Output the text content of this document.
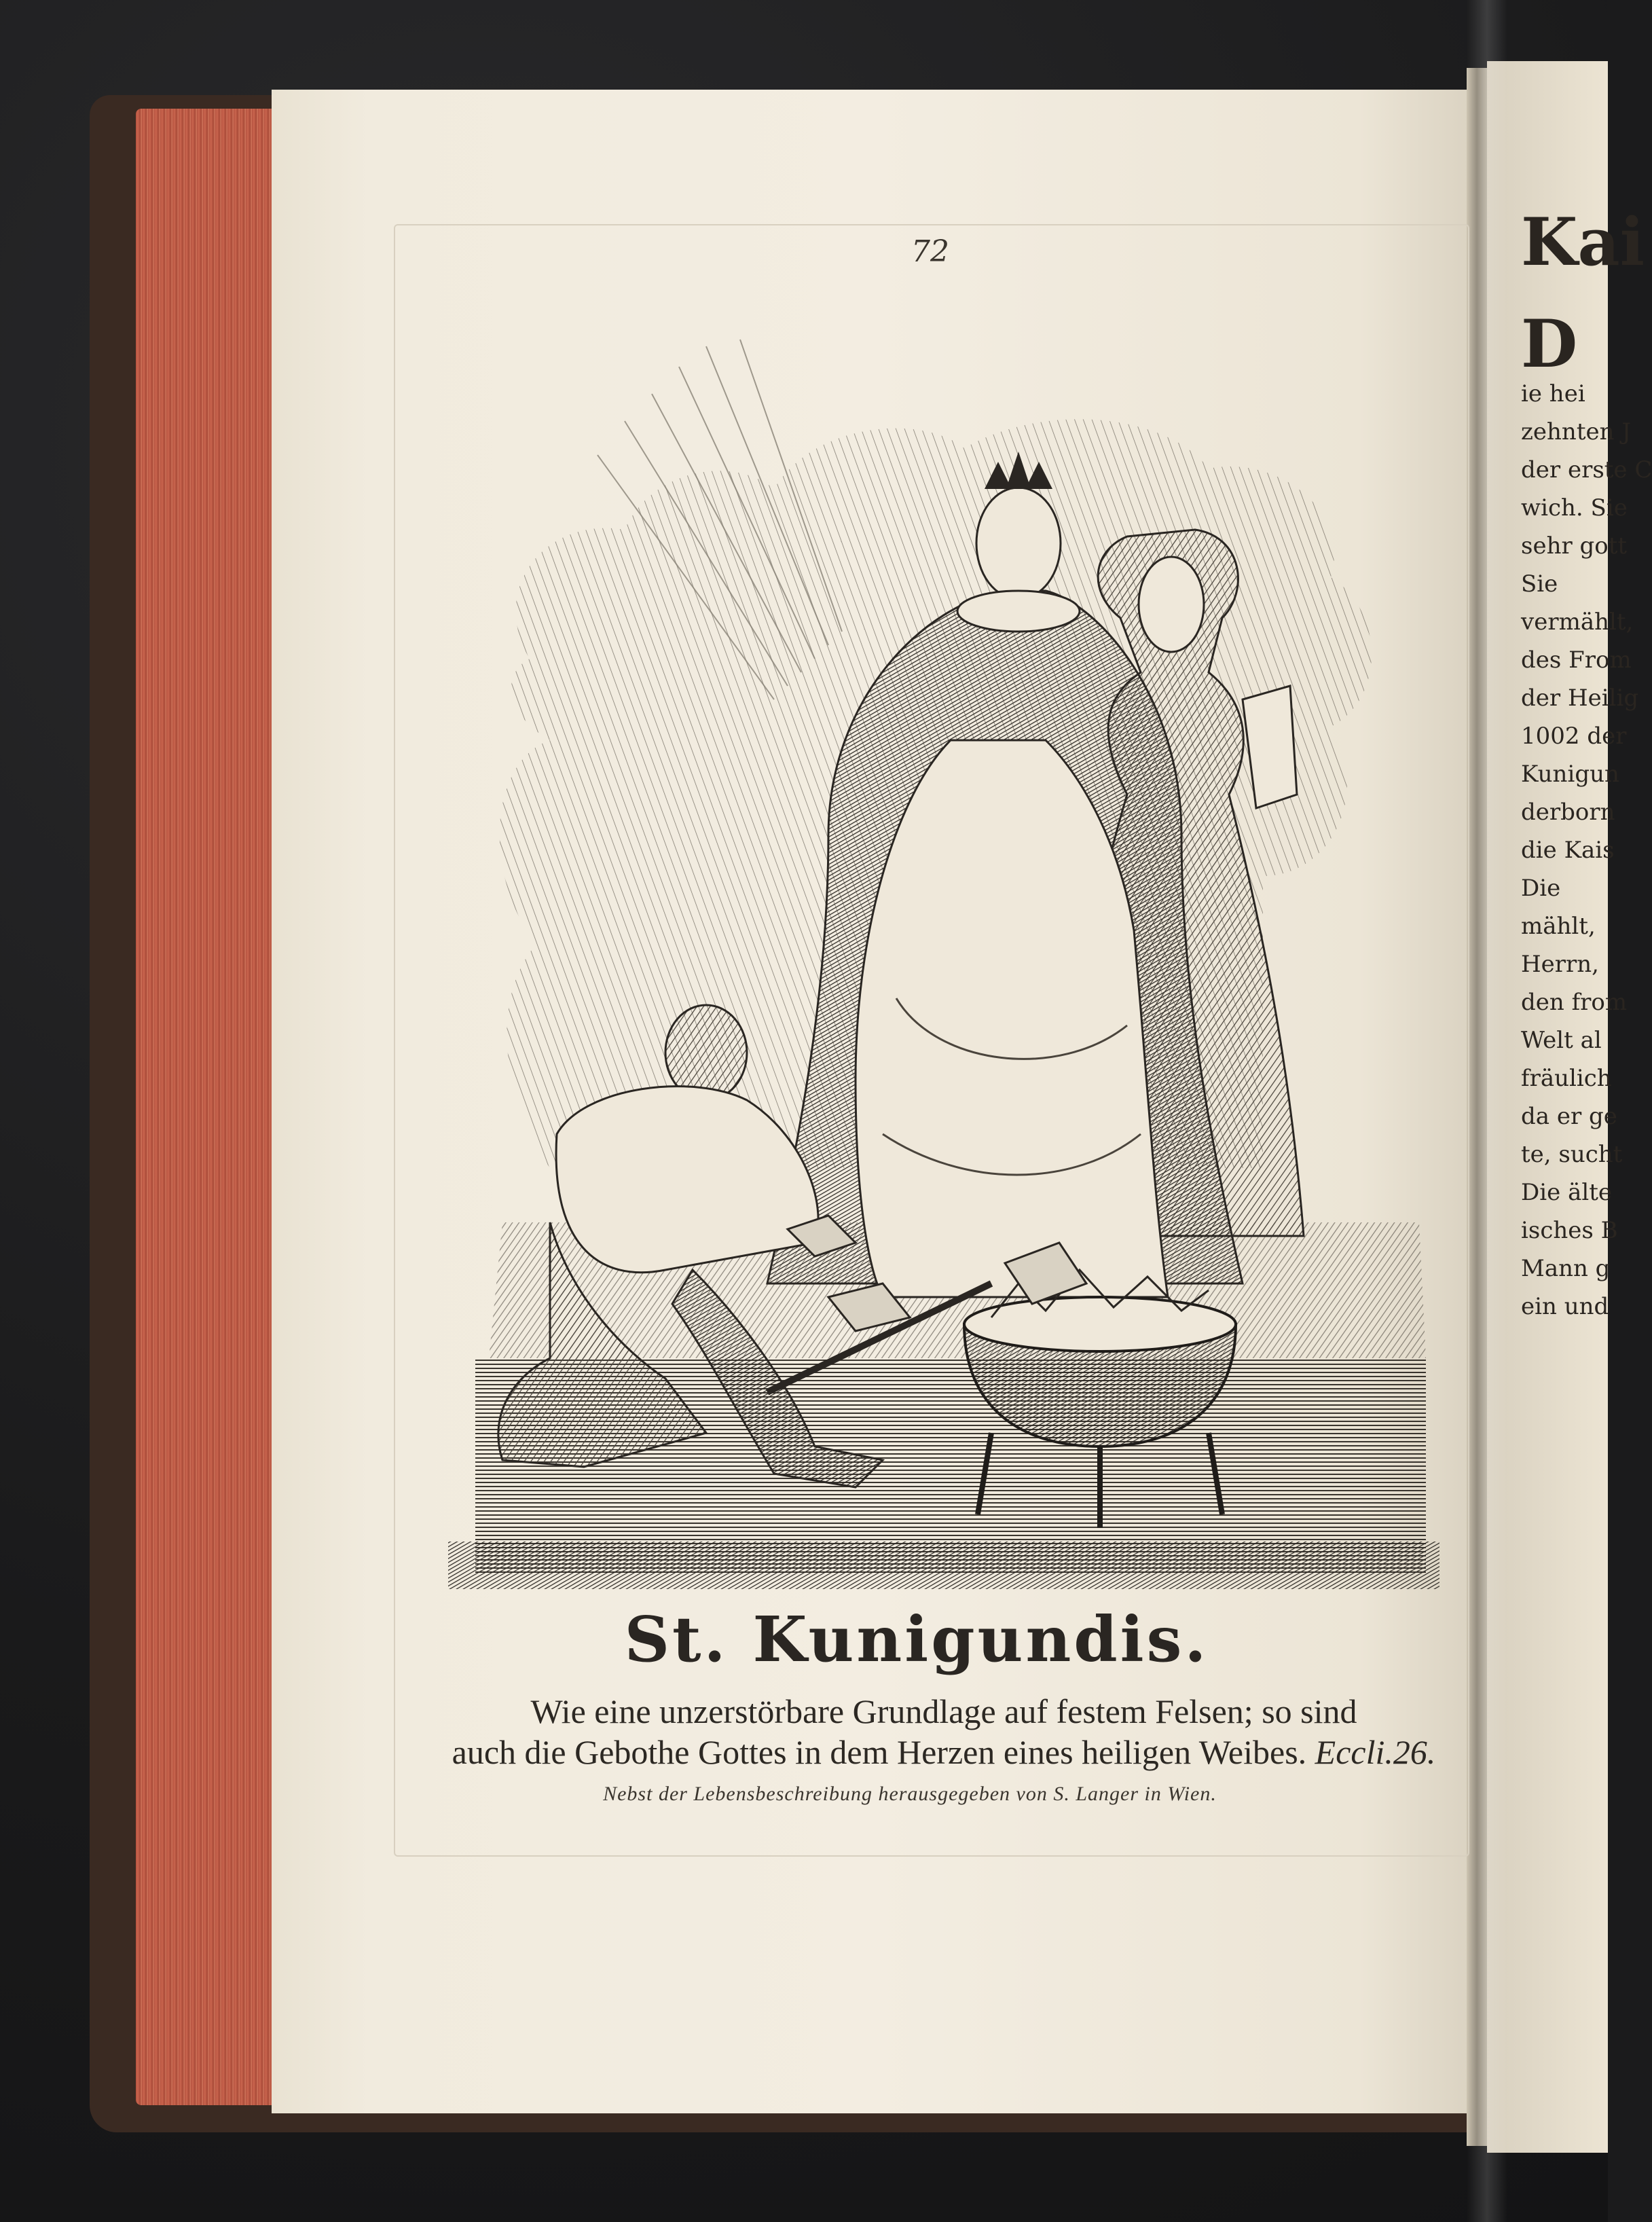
72
St. Kunigundis.
Wie eine unzerstörbare Grundlage auf festem Felsen; so sind
auch die Gebothe Gottes in dem Herzen eines heiligen Weibes. Eccli.26.
Nebst der Lebensbeschreibung herausgegeben von S. Langer in Wien.
Kai
D
ie hei
zehnten J
der erste C
wich. Sie
sehr gott
Sie
vermählt,
des From
der Heilig
1002 der
Kunigun
derborn
die Kais
Die
mählt,
Herrn,
den from
Welt al
fräulich
da er ge
te, sucht
Die älte
isches B
Mann g
ein und
